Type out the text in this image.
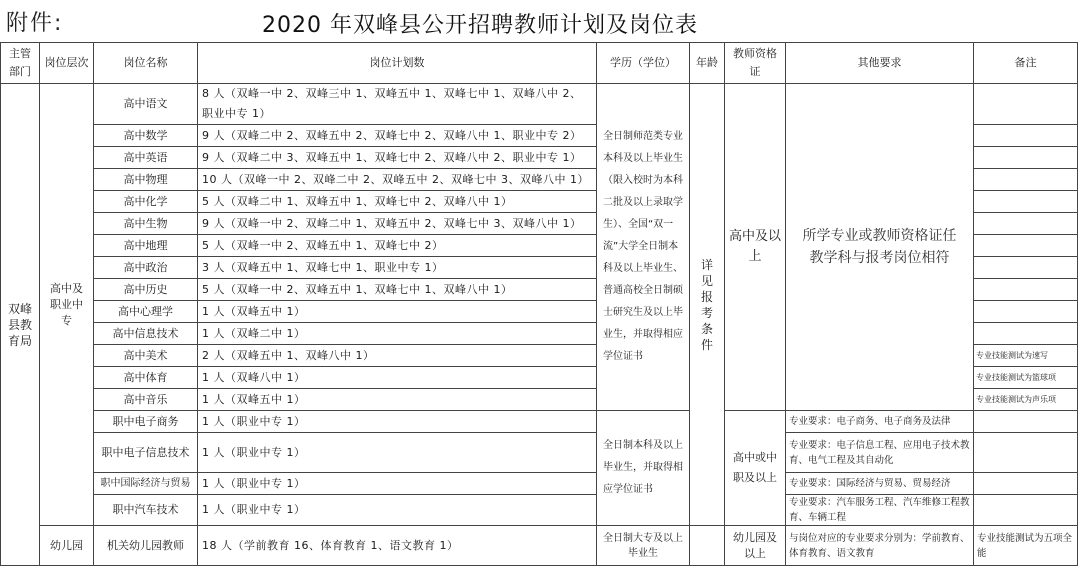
附件:	2020 年双峰县公开招聘教师计划及岗位表
主管部门	岗位层次	岗位名称	岗位计划数	学历（学位）	年龄	教师资格证	其他要求	备注
双峰县教育局	高中及职业中专	高中语文	8 人（双峰一中 2、双峰三中 1、双峰五中 1、双峰七中 1、双峰八中 2、职业中专 1）	全日制师范类专业本科及以上毕业生（限入校时为本科二批及以上录取学生）、全国“双一流”大学全日制本科及以上毕业生、普通高校全日制硕士研究生及以上毕业生，并取得相应学位证书	详见报考条件	高中及以上	所学专业或教师资格证任教学科与报考岗位相符	
		高中数学	9 人（双峰二中 2、双峰五中 2、双峰七中 2、双峰八中 1、职业中专 2）					
		高中英语	9 人（双峰二中 3、双峰五中 1、双峰七中 2、双峰八中 2、职业中专 1）					
		高中物理	10 人（双峰一中 2、双峰二中 2、双峰五中 2、双峰七中 3、双峰八中 1）					
		高中化学	5 人（双峰二中 1、双峰五中 1、双峰七中 2、双峰八中 1）					
		高中生物	9 人（双峰一中 2、双峰二中 1、双峰五中 2、双峰七中 3、双峰八中 1）					
		高中地理	5 人（双峰一中 2、双峰五中 1、双峰七中 2）					
		高中政治	3 人（双峰五中 1、双峰七中 1、职业中专 1）					
		高中历史	5 人（双峰一中 2、双峰五中 1、双峰七中 1、双峰八中 1）					
		高中心理学	1 人（双峰五中 1）					
		高中信息技术	1 人（双峰二中 1）					
		高中美术	2 人（双峰五中 1、双峰八中 1）					专业技能测试为速写
		高中体育	1 人（双峰八中 1）					专业技能测试为篮球项
		高中音乐	1 人（双峰五中 1）					专业技能测试为声乐项
		职中电子商务	1 人（职业中专 1）	全日制本科及以上毕业生，并取得相应学位证书		高中或中职及以上	专业要求：电子商务、电子商务及法律	
		职中电子信息技术	1 人（职业中专 1）				专业要求：电子信息工程、应用电子技术教育、电气工程及其自动化	
		职中国际经济与贸易	1 人（职业中专 1）				专业要求：国际经济与贸易、贸易经济	
		职中汽车技术	1 人（职业中专 1）				专业要求：汽车服务工程、汽车维修工程教育、车辆工程	
	幼儿园	机关幼儿园教师	18 人（学前教育 16、体育教育 1、语文教育 1）	全日制大专及以上毕业生		幼儿园及以上	与岗位对应的专业要求分别为：学前教育、体育教育、语文教育	专业技能测试为五项全能
